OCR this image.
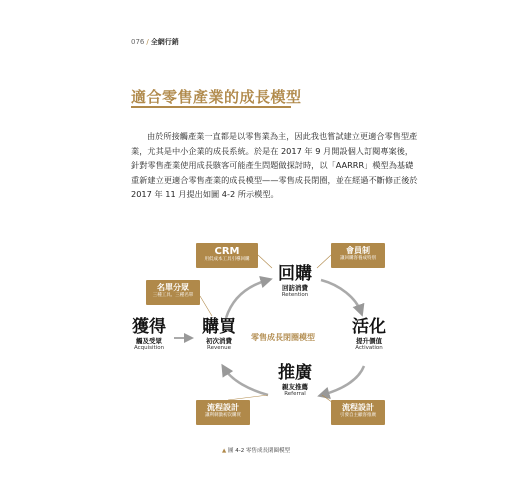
076 / 全網行銷
適合零售產業的成長模型

由於所接觸產業一直都是以零售業為主，因此我也嘗試建立更適合零售型產業，尤其是中小企業的成長系統。於是在 2017 年 9 月開設個人訂閱專案後，針對零售產業使用成長駭客可能產生問題做探討時，以「AARRR」模型為基礎重新建立更適合零售產業的成長模型——零售成長閉圈，並在經過不斷修正後於 2017 年 11 月提出如圖 4-2 所示模型。

CRM
用低成本工具引導回購
會員制
讓回購客養成特別
名單分眾
三種工具、三種名單
流程設計
讓利刺激初次購買
流程設計
引發自主顧客推廣
獲得
觸及受眾
Acquisition
購買
初次消費
Revenue
回購
回訪消費
Retention
活化
提升價值
Activation
推廣
親友推薦
Referral
零售成長閉圈模型
▲ 圖 4-2 零售成長閉圈模型
